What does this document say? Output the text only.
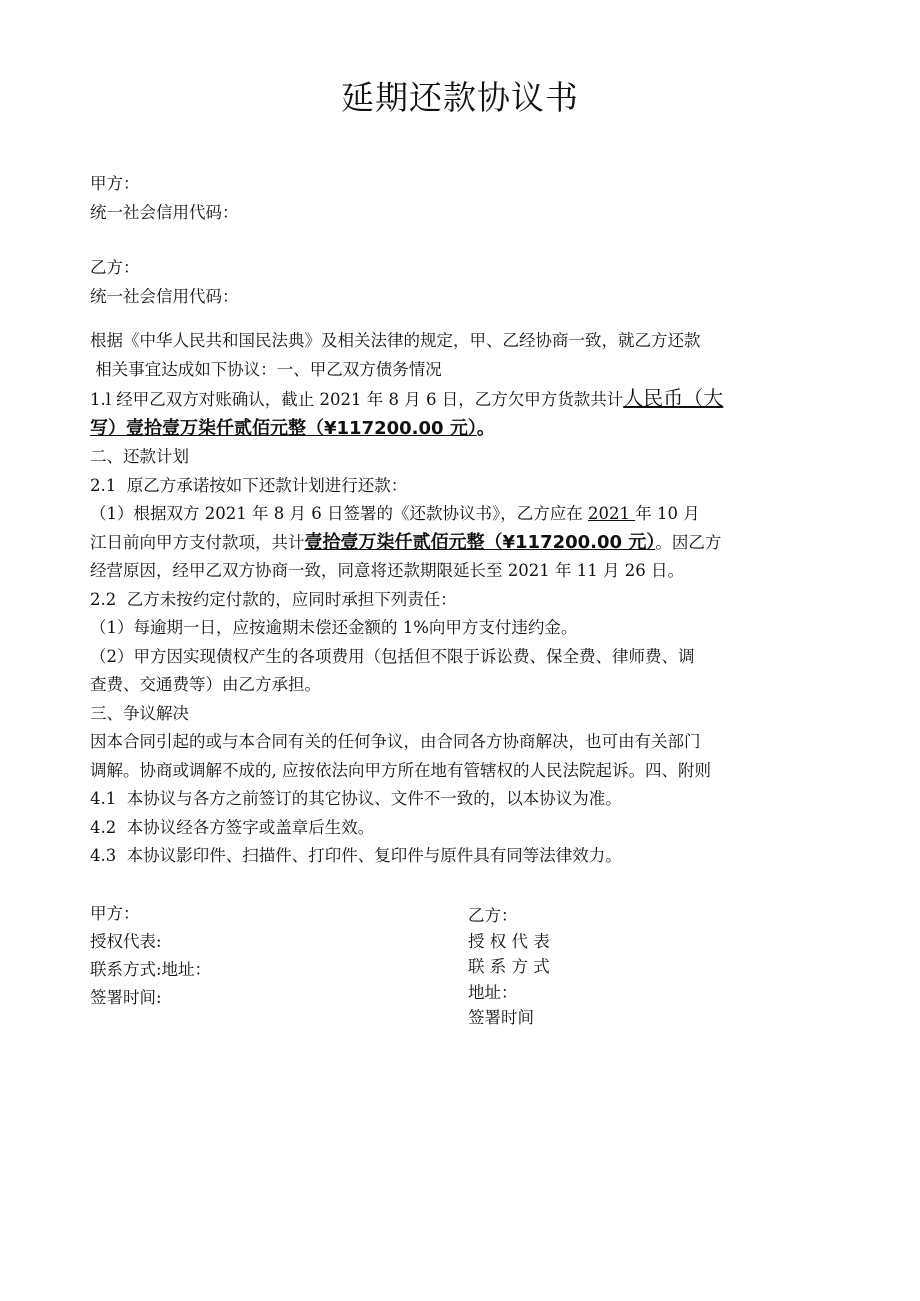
延期还款协议书
甲方：
统一社会信用代码：
乙方：
统一社会信用代码：
根据《中华人民共和国民法典》及相关法律的规定，甲、乙经协商一致，就乙方还款
相关事宜达成如下协议：一、甲乙双方债务情况
1.l 经甲乙双方对账确认，截止 2021 年 8 月 6 日，乙方欠甲方货款共计人民币（大
写）壹拾壹万柒仟贰佰元整（¥117200.00 元）。
二、还款计划
2.1  原乙方承诺按如下还款计划进行还款：
（1）根据双方 2021 年 8 月 6 日签署的《还款协议书》，乙方应在 2021 年 10 月
江日前向甲方支付款项，共计壹拾壹万柒仟贰佰元整（¥117200.00 元）。因乙方
经营原因，经甲乙双方协商一致，同意将还款期限延长至 2021 年 11 月 26 日。
2.2  乙方未按约定付款的，应同时承担下列责任：
（1）每逾期一日，应按逾期未偿还金额的 1%向甲方支付违约金。
（2）甲方因实现债权产生的各项费用（包括但不限于诉讼费、保全费、律师费、调
查费、交通费等）由乙方承担。
三、争议解决
因本合同引起的或与本合同有关的任何争议，由合同各方协商解决，也可由有关部门
调解。协商或调解不成的, 应按依法向甲方所在地有管辖权的人民法院起诉。四、附则
4.1  本协议与各方之前签订的其它协议、文件不一致的，以本协议为准。
4.2  本协议经各方签字或盖章后生效。
4.3  本协议影印件、扫描件、打印件、复印件与原件具有同等法律效力。
甲方：
授权代表:
联系方式:地址：
签署时间:
乙方：
授 权 代 表
联 系 方 式
地址：
签署时间
